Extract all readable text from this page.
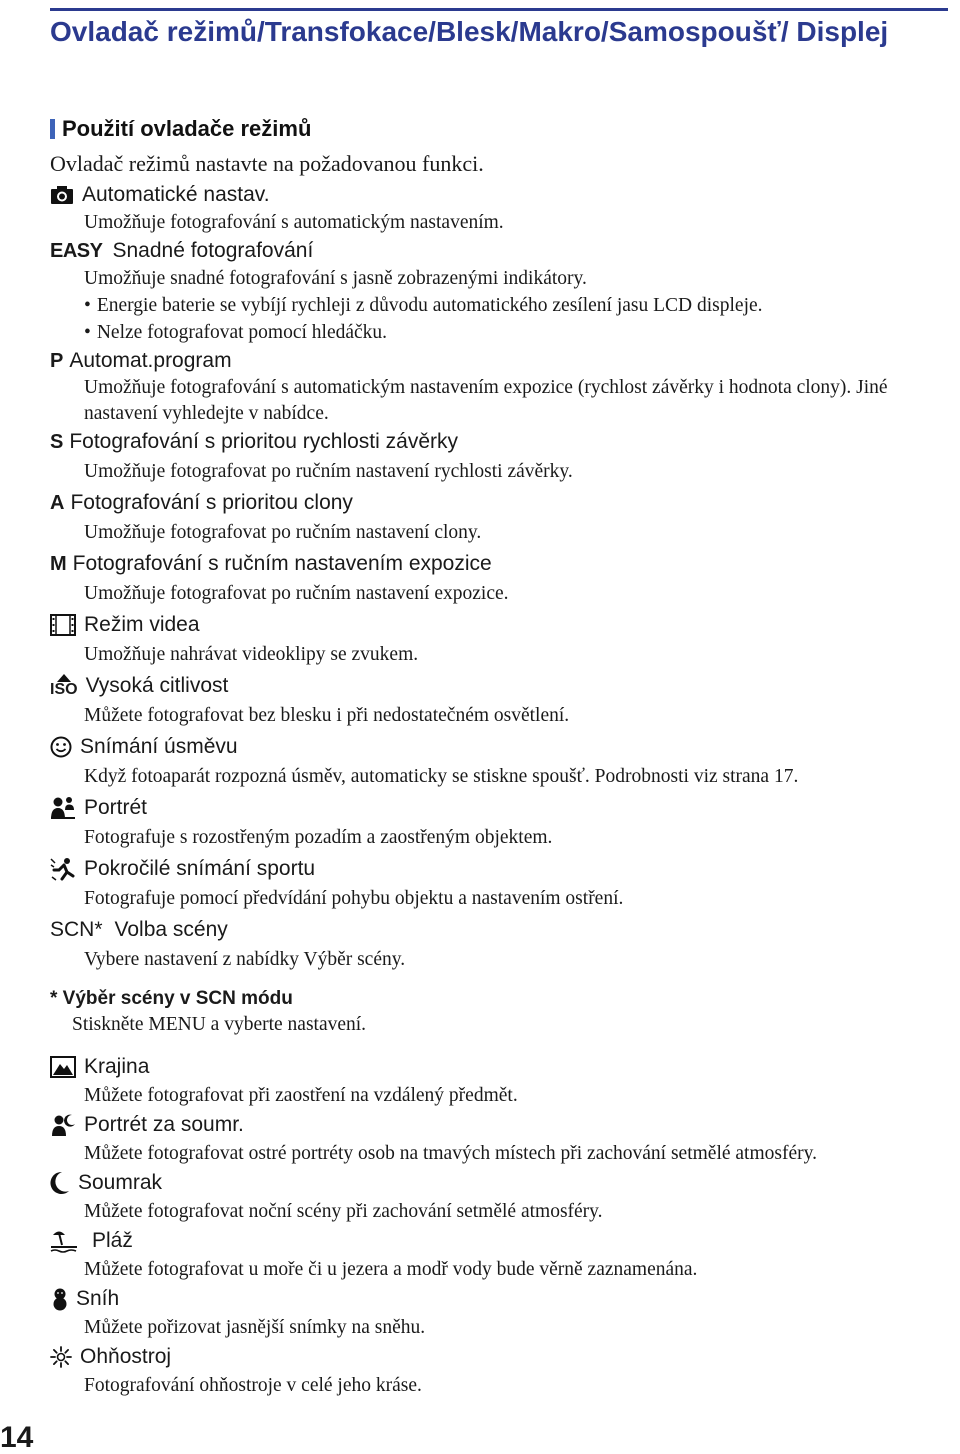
Ovladač režimů/Transfokace/Blesk/Makro/Samospoušť/ Displej
Použití ovladače režimů
Ovladač režimů nastavte na požadovanou funkci.
Automatické nastav.
Umožňuje fotografování s automatickým nastavením.
EASY Snadné fotografování
Umožňuje snadné fotografování s jasně zobrazenými indikátory.
• Energie baterie se vybíjí rychleji z důvodu automatického zesílení jasu LCD displeje.
• Nelze fotografovat pomocí hledáčku.
P Automat.program
Umožňuje fotografování s automatickým nastavením expozice (rychlost závěrky i hodnota clony). Jiné nastavení vyhledejte v nabídce.
S Fotografování s prioritou rychlosti závěrky
Umožňuje fotografovat po ručním nastavení rychlosti závěrky.
A Fotografování s prioritou clony
Umožňuje fotografovat po ručním nastavení clony.
M Fotografování s ručním nastavením expozice
Umožňuje fotografovat po ručním nastavení expozice.
Režim videa
Umožňuje nahrávat videoklipy se zvukem.
ISO Vysoká citlivost
Můžete fotografovat bez blesku i při nedostatečném osvětlení.
Snímání úsměvu
Když fotoaparát rozpozná úsměv, automaticky se stiskne spoušť. Podrobnosti viz strana 17.
Portrét
Fotografuje s rozostřeným pozadím a zaostřeným objektem.
Pokročilé snímání sportu
Fotografuje pomocí předvídání pohybu objektu a nastavením ostření.
SCN* Volba scény
Vybere nastavení z nabídky Výběr scény.
* Výběr scény v SCN módu
Stiskněte MENU a vyberte nastavení.
Krajina
Můžete fotografovat při zaostření na vzdálený předmět.
Portrét za soumr.
Můžete fotografovat ostré portréty osob na tmavých místech při zachování setmělé atmosféry.
Soumrak
Můžete fotografovat noční scény při zachování setmělé atmosféry.
Pláž
Můžete fotografovat u moře či u jezera a modř vody bude věrně zaznamenána.
Sníh
Můžete pořizovat jasnější snímky na sněhu.
Ohňostroj
Fotografování ohňostroje v celé jeho kráse.
14
